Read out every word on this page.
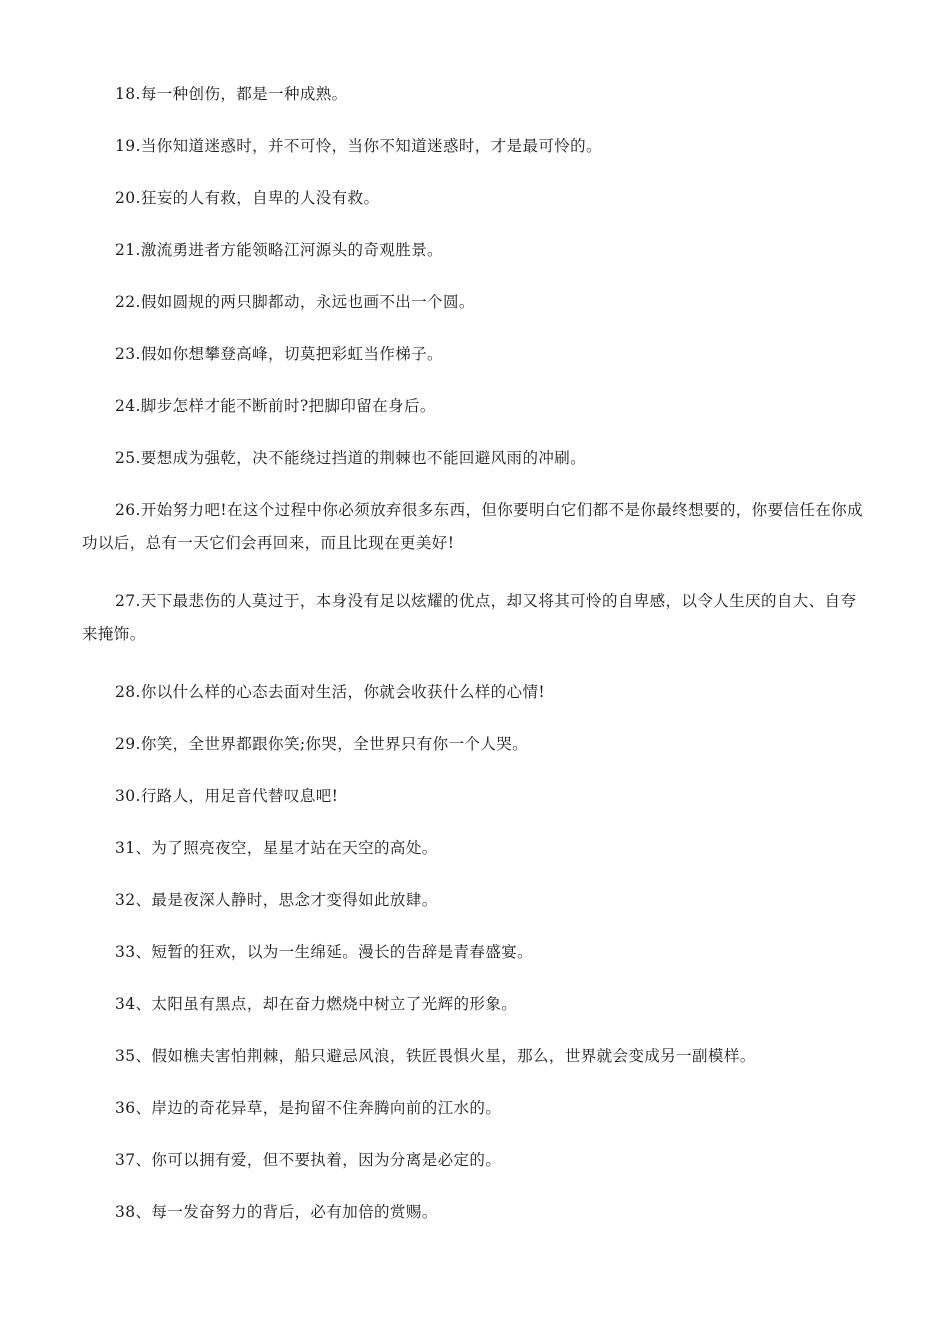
18.每一种创伤，都是一种成熟。

19.当你知道迷惑时，并不可怜，当你不知道迷惑时，才是最可怜的。

20.狂妄的人有救，自卑的人没有救。

21.激流勇进者方能领略江河源头的奇观胜景。

22.假如圆规的两只脚都动，永远也画不出一个圆。

23.假如你想攀登高峰，切莫把彩虹当作梯子。

24.脚步怎样才能不断前时?把脚印留在身后。

25.要想成为强乾，决不能绕过挡道的荆棘也不能回避风雨的冲刷。

26.开始努力吧!在这个过程中你必须放弃很多东西，但你要明白它们都不是你最终想要的，你要信任在你成功以后，总有一天它们会再回来，而且比现在更美好!

27.天下最悲伤的人莫过于，本身没有足以炫耀的优点，却又将其可怜的自卑感，以令人生厌的自大、自夸来掩饰。

28.你以什么样的心态去面对生活，你就会收获什么样的心情!

29.你笑，全世界都跟你笑;你哭，全世界只有你一个人哭。

30.行路人，用足音代替叹息吧!

31、为了照亮夜空，星星才站在天空的高处。

32、最是夜深人静时，思念才变得如此放肆。

33、短暂的狂欢，以为一生绵延。漫长的告辞是青春盛宴。

34、太阳虽有黑点，却在奋力燃烧中树立了光辉的形象。

35、假如樵夫害怕荆棘，船只避忌风浪，铁匠畏惧火星，那么，世界就会变成另一副模样。

36、岸边的奇花异草，是拘留不住奔腾向前的江水的。

37、你可以拥有爱，但不要执着，因为分离是必定的。

38、每一发奋努力的背后，必有加倍的赏赐。
